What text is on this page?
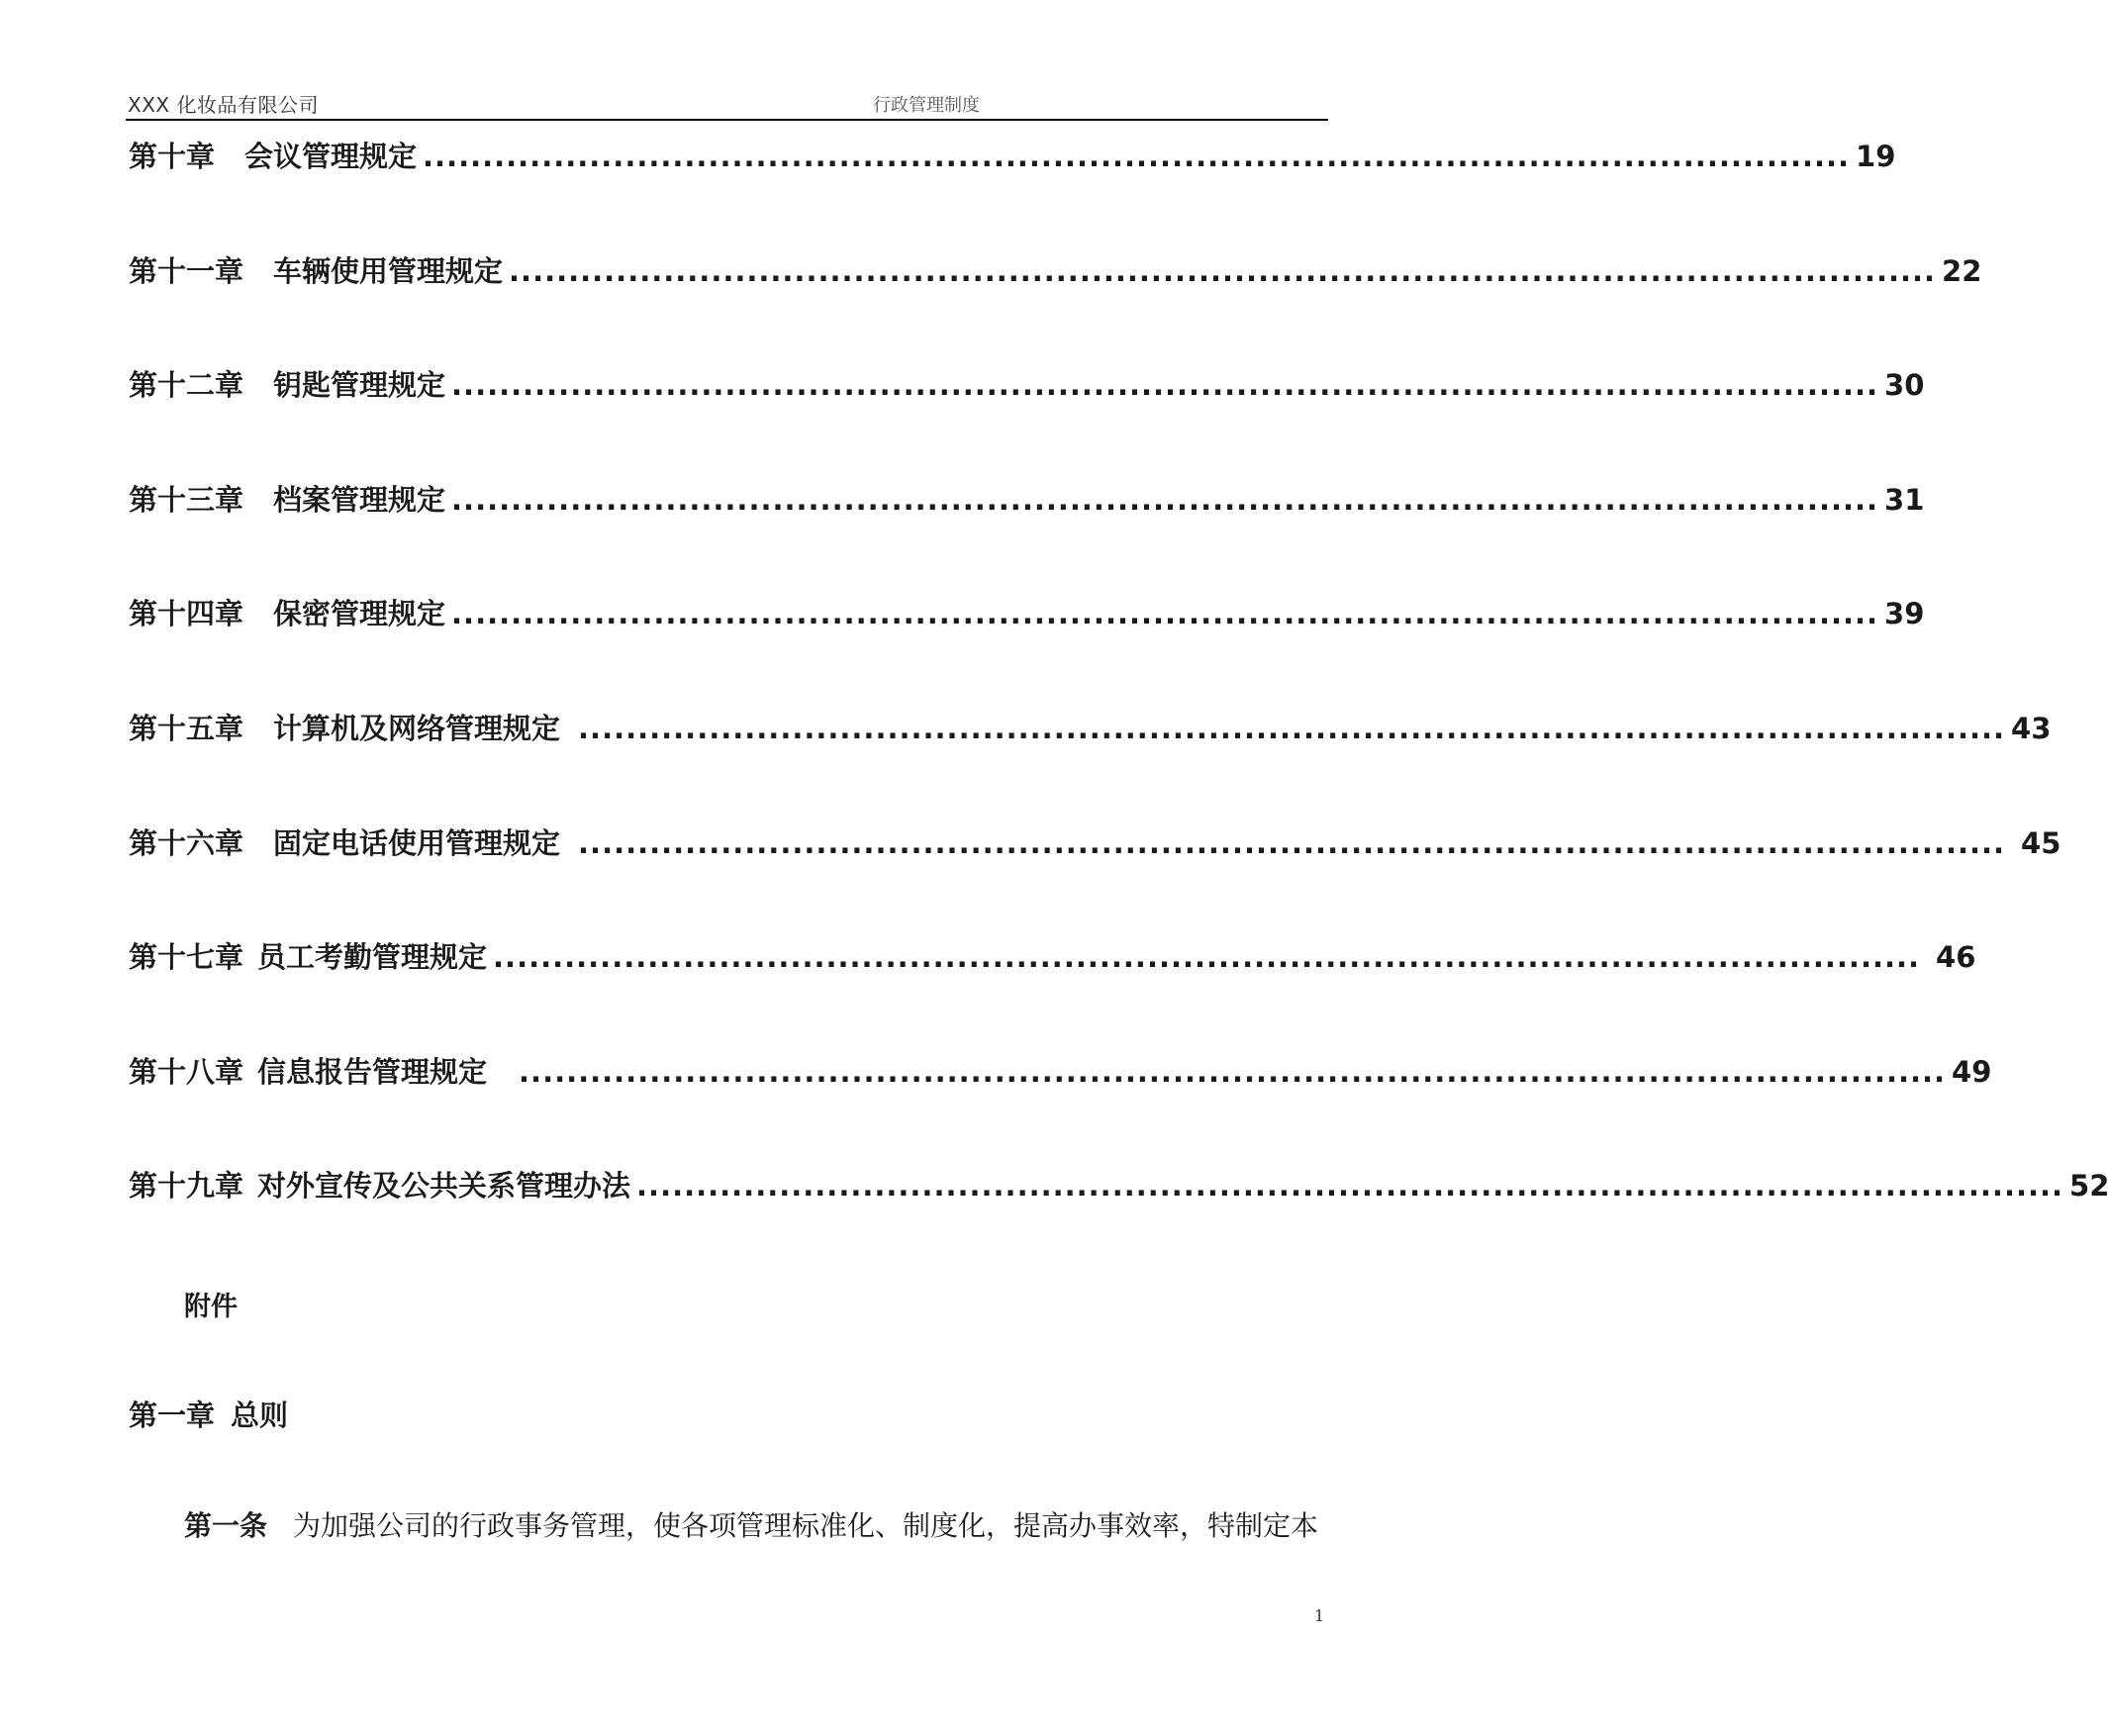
XXX 化妆品有限公司	行政管理制度
第十章 会议管理规定 ........................................................................................................................ 19
第十一章 车辆使用管理规定 ........................................................................................................................ 22
第十二章 钥匙管理规定 ........................................................................................................................ 30
第十三章 档案管理规定 ........................................................................................................................ 31
第十四章 保密管理规定 ........................................................................................................................ 39
第十五章 计算机及网络管理规定 ........................................................................................................................ 43
第十六章 固定电话使用管理规定 ........................................................................................................................ 45
第十七章 员工考勤管理规定 ........................................................................................................................ 46
第十八章 信息报告管理规定 ........................................................................................................................ 49
第十九章 对外宣传及公共关系管理办法 ........................................................................................................................ 52
附件
第一章 总则
第一条 为加强公司的行政事务管理，使各项管理标准化、制度化，提高办事效率，特制定本
1
